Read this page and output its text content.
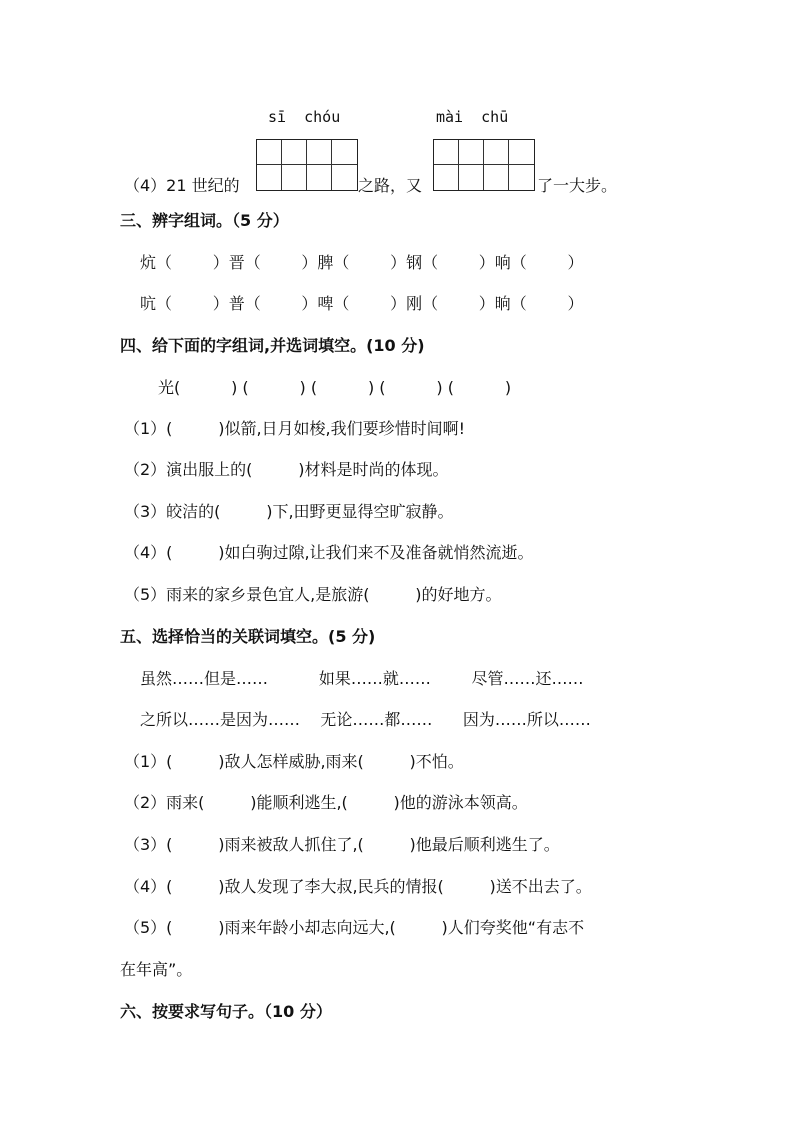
sī  chóu	mài  chū
（4）21 世纪的	之路，又	了一大步。
三、辨字组词。（5 分）
炕（        ）晋（        ）脾（        ）钢（        ）响（        ）
吭（        ）普（        ）啤（        ）刚（        ）晌（        ）
四、给下面的字组词,并选词填空。(10 分)
光(          ) (          ) (          ) (          ) (          )
（1）(         )似箭,日月如梭,我们要珍惜时间啊!
（2）演出服上的(         )材料是时尚的体现。
（3）皎洁的(         )下,田野更显得空旷寂静。
（4）(         )如白驹过隙,让我们来不及准备就悄然流逝。
（5）雨来的家乡景色宜人,是旅游(         )的好地方。
五、选择恰当的关联词填空。(5 分)
虽然……但是……          如果……就……        尽管……还……
之所以……是因为……    无论……都……      因为……所以……
（1）(         )敌人怎样威胁,雨来(         )不怕。
（2）雨来(         )能顺利逃生,(         )他的游泳本领高。
（3）(         )雨来被敌人抓住了,(         )他最后顺利逃生了。
（4）(         )敌人发现了李大叔,民兵的情报(         )送不出去了。
（5）(         )雨来年龄小却志向远大,(         )人们夸奖他“有志不
在年高”。
六、按要求写句子。（10 分）
